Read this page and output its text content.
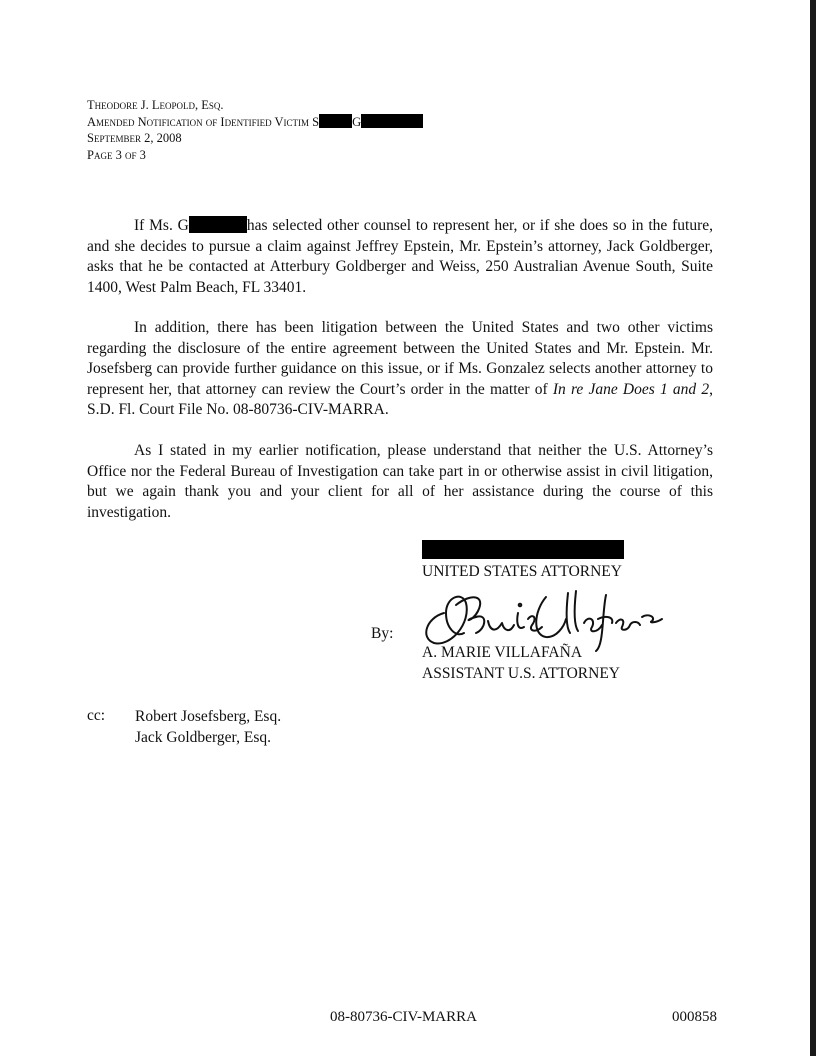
Theodore J. Leopold, Esq.
Amended Notification of Identified Victim S	G
September 2, 2008
Page 3 of 3
If Ms. G	has selected other counsel to represent her, or if she does so in the future, and she decides to pursue a claim against Jeffrey Epstein, Mr. Epstein’s attorney, Jack Goldberger, asks that he be contacted at Atterbury Goldberger and Weiss, 250 Australian Avenue South, Suite 1400, West Palm Beach, FL 33401.
In addition, there has been litigation between the United States and two other victims regarding the disclosure of the entire agreement between the United States and Mr. Epstein. Mr. Josefsberg can provide further guidance on this issue, or if Ms. Gonzalez selects another attorney to represent her, that attorney can review the Court’s order in the matter of In re Jane Does 1 and 2, S.D. Fl. Court File No. 08-80736-CIV-MARRA.
As I stated in my earlier notification, please understand that neither the U.S. Attorney’s Office nor the Federal Bureau of Investigation can take part in or otherwise assist in civil litigation, but we again thank you and your client for all of her assistance during the course of this investigation.
UNITED STATES ATTORNEY
By:
A. MARIE VILLAFAÑA
ASSISTANT U.S. ATTORNEY
cc: Robert Josefsberg, Esq.
Jack Goldberger, Esq.
08-80736-CIV-MARRA	000858
